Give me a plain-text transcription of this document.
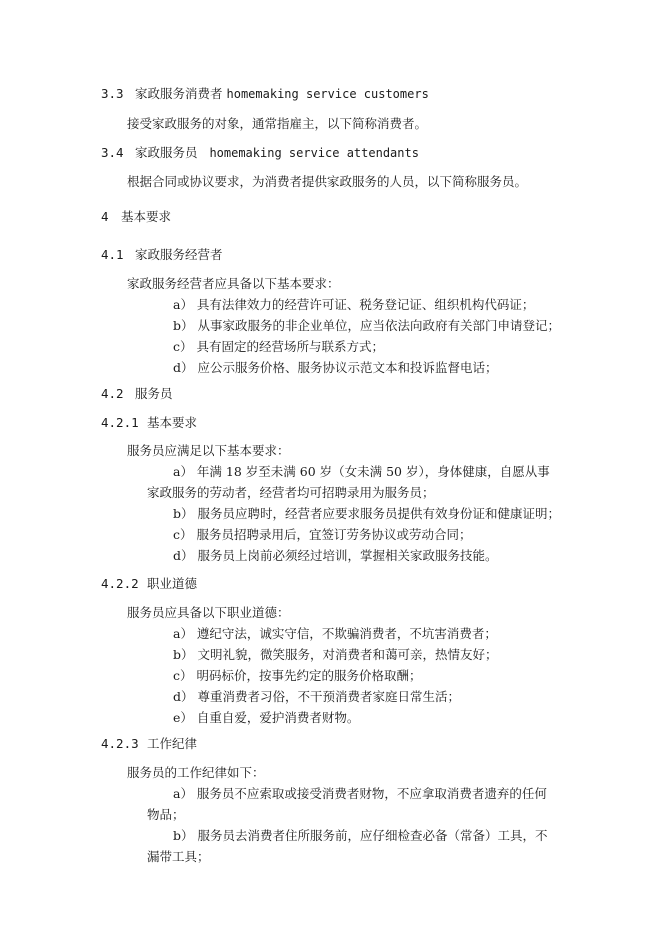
3.3 家政服务消费者 homemaking service customers
接受家政服务的对象，通常指雇主，以下简称消费者。
3.4 家政服务员 homemaking service attendants
根据合同或协议要求，为消费者提供家政服务的人员，以下简称服务员。
4 基本要求
4.1 家政服务经营者
家政服务经营者应具备以下基本要求：
a） 具有法律效力的经营许可证、税务登记证、组织机构代码证；
b） 从事家政服务的非企业单位，应当依法向政府有关部门申请登记；
c） 具有固定的经营场所与联系方式；
d） 应公示服务价格、服务协议示范文本和投诉监督电话；
4.2 服务员
4.2.1 基本要求
服务员应满足以下基本要求：
a） 年满 18 岁至未满 60 岁（女未满 50 岁），身体健康，自愿从事
家政服务的劳动者，经营者均可招聘录用为服务员；
b） 服务员应聘时，经营者应要求服务员提供有效身份证和健康证明；
c） 服务员招聘录用后，宜签订劳务协议或劳动合同；
d） 服务员上岗前必须经过培训，掌握相关家政服务技能。
4.2.2 职业道德
服务员应具备以下职业道德：
a） 遵纪守法，诚实守信，不欺骗消费者，不坑害消费者；
b） 文明礼貌，微笑服务，对消费者和蔼可亲，热情友好；
c） 明码标价，按事先约定的服务价格取酬；
d） 尊重消费者习俗，不干预消费者家庭日常生活；
e） 自重自爱，爱护消费者财物。
4.2.3 工作纪律
服务员的工作纪律如下：
a） 服务员不应索取或接受消费者财物，不应拿取消费者遗弃的任何
物品；
b） 服务员去消费者住所服务前，应仔细检查必备（常备）工具，不
漏带工具；
